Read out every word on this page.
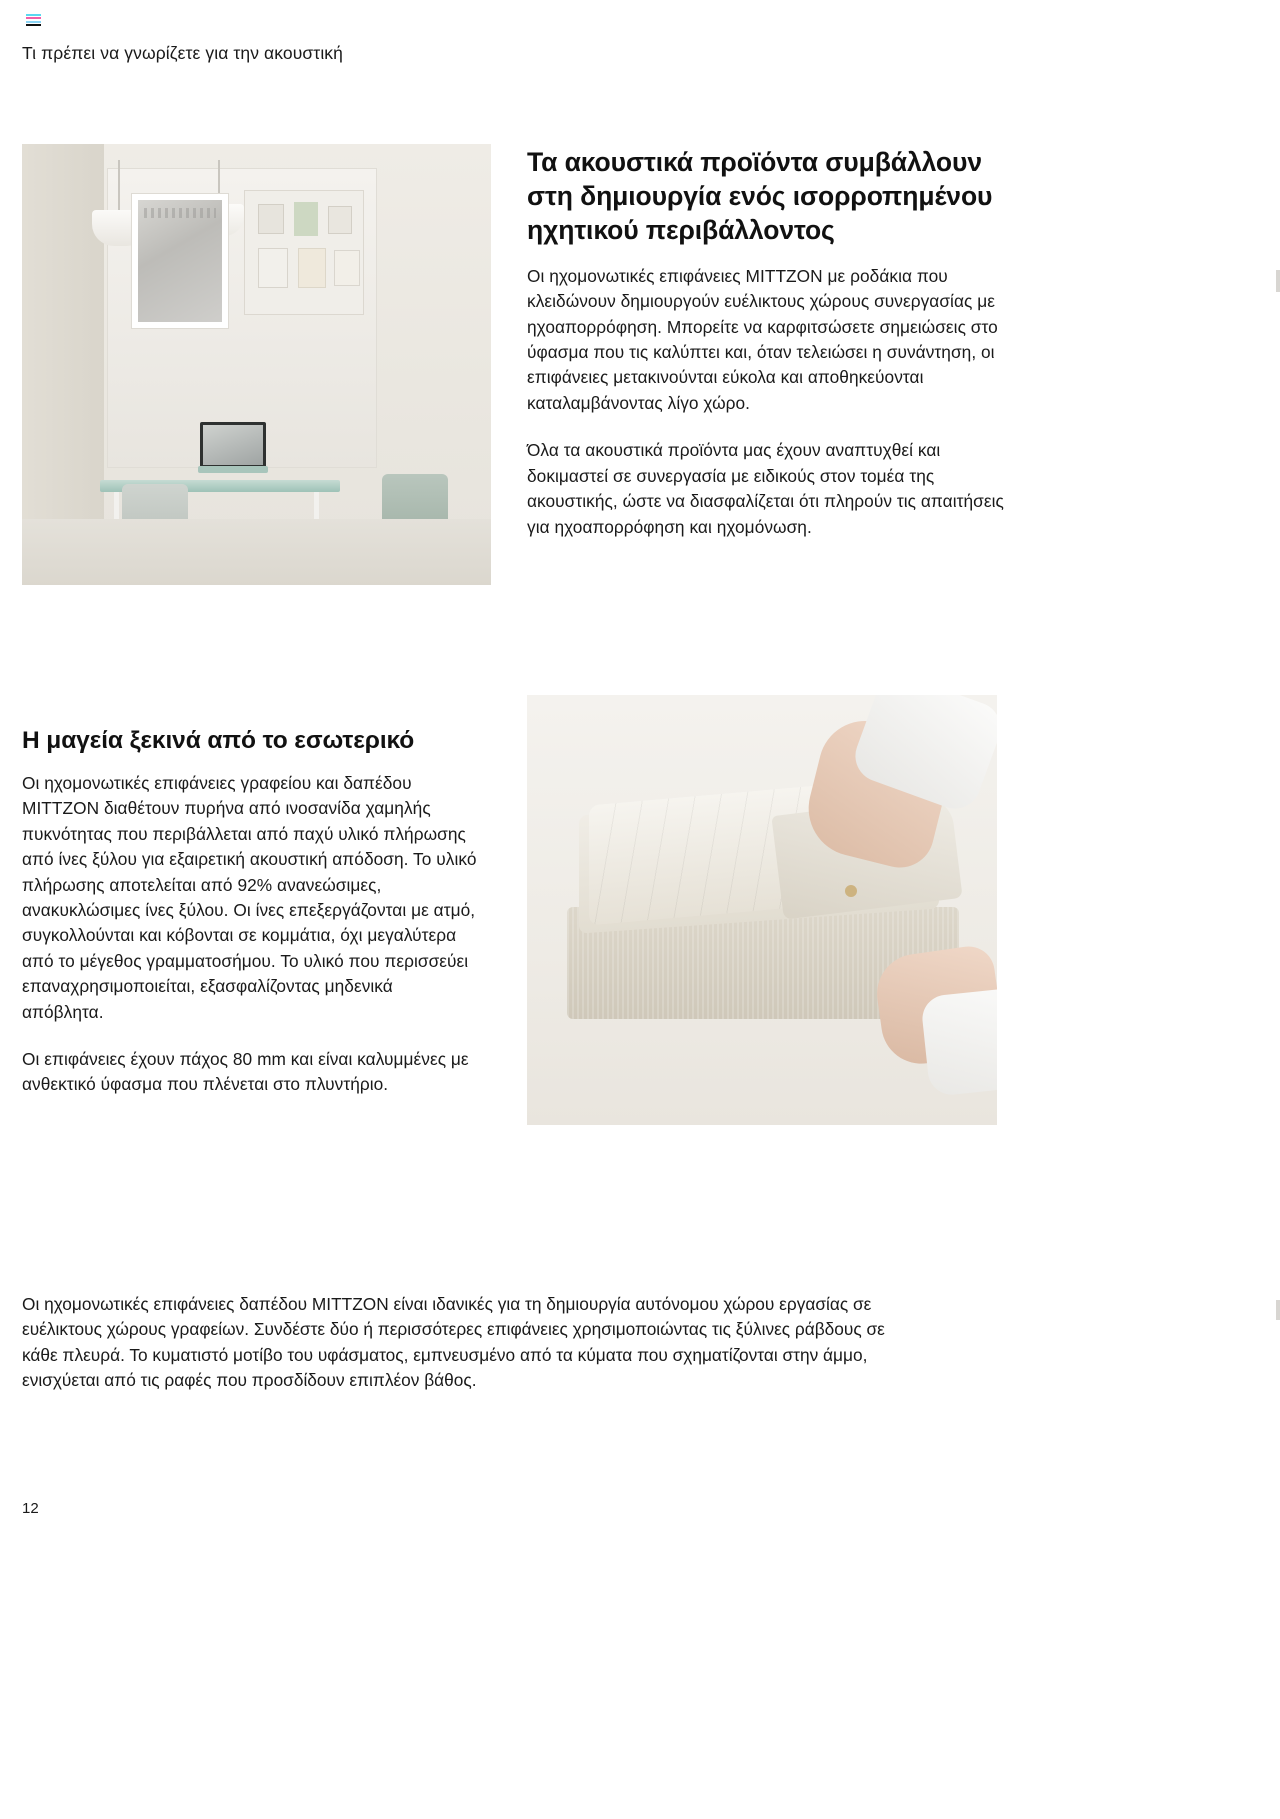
Τι πρέπει να γνωρίζετε για την ακουστική
Τα ακουστικά προϊόντα συμβάλλουν στη δημιουργία ενός ισορροπημένου ηχητικού περιβάλλοντος

Οι ηχομονωτικές επιφάνειες MITTZON με ροδάκια που κλειδώνουν δημιουργούν ευέλικτους χώρους συνεργασίας με ηχοαπορρόφηση. Μπορείτε να καρφιτσώσετε σημειώσεις στο ύφασμα που τις καλύπτει και, όταν τελειώσει η συνάντηση, οι επιφάνειες μετακινούνται εύκολα και αποθηκεύονται καταλαμβάνοντας λίγο χώρο.

Όλα τα ακουστικά προϊόντα μας έχουν αναπτυχθεί και δοκιμαστεί σε συνεργασία με ειδικούς στον τομέα της ακουστικής, ώστε να διασφαλίζεται ότι πληρούν τις απαιτήσεις για ηχοαπορρόφηση και ηχομόνωση.

Η μαγεία ξεκινά από το εσωτερικό

Οι ηχομονωτικές επιφάνειες γραφείου και δαπέδου MITTZON διαθέτουν πυρήνα από ινοσανίδα χαμηλής πυκνότητας που περιβάλλεται από παχύ υλικό πλήρωσης από ίνες ξύλου για εξαιρετική ακουστική απόδοση. Το υλικό πλήρωσης αποτελείται από 92% ανανεώσιμες, ανακυκλώσιμες ίνες ξύλου. Οι ίνες επεξεργάζονται με ατμό, συγκολλούνται και κόβονται σε κομμάτια, όχι μεγαλύτερα από το μέγεθος γραμματοσήμου. Το υλικό που περισσεύει επαναχρησιμοποιείται, εξασφαλίζοντας μηδενικά απόβλητα.

Οι επιφάνειες έχουν πάχος 80 mm και είναι καλυμμένες με ανθεκτικό ύφασμα που πλένεται στο πλυντήριο.

Οι ηχομονωτικές επιφάνειες δαπέδου MITTZON είναι ιδανικές για τη δημιουργία αυτόνομου χώρου εργασίας σε ευέλικτους χώρους γραφείων. Συνδέστε δύο ή περισσότερες επιφάνειες χρησιμοποιώντας τις ξύλινες ράβδους σε κάθε πλευρά. Το κυματιστό μοτίβο του υφάσματος, εμπνευσμένο από τα κύματα που σχηματίζονται στην άμμο, ενισχύεται από τις ραφές που προσδίδουν επιπλέον βάθος.

12
